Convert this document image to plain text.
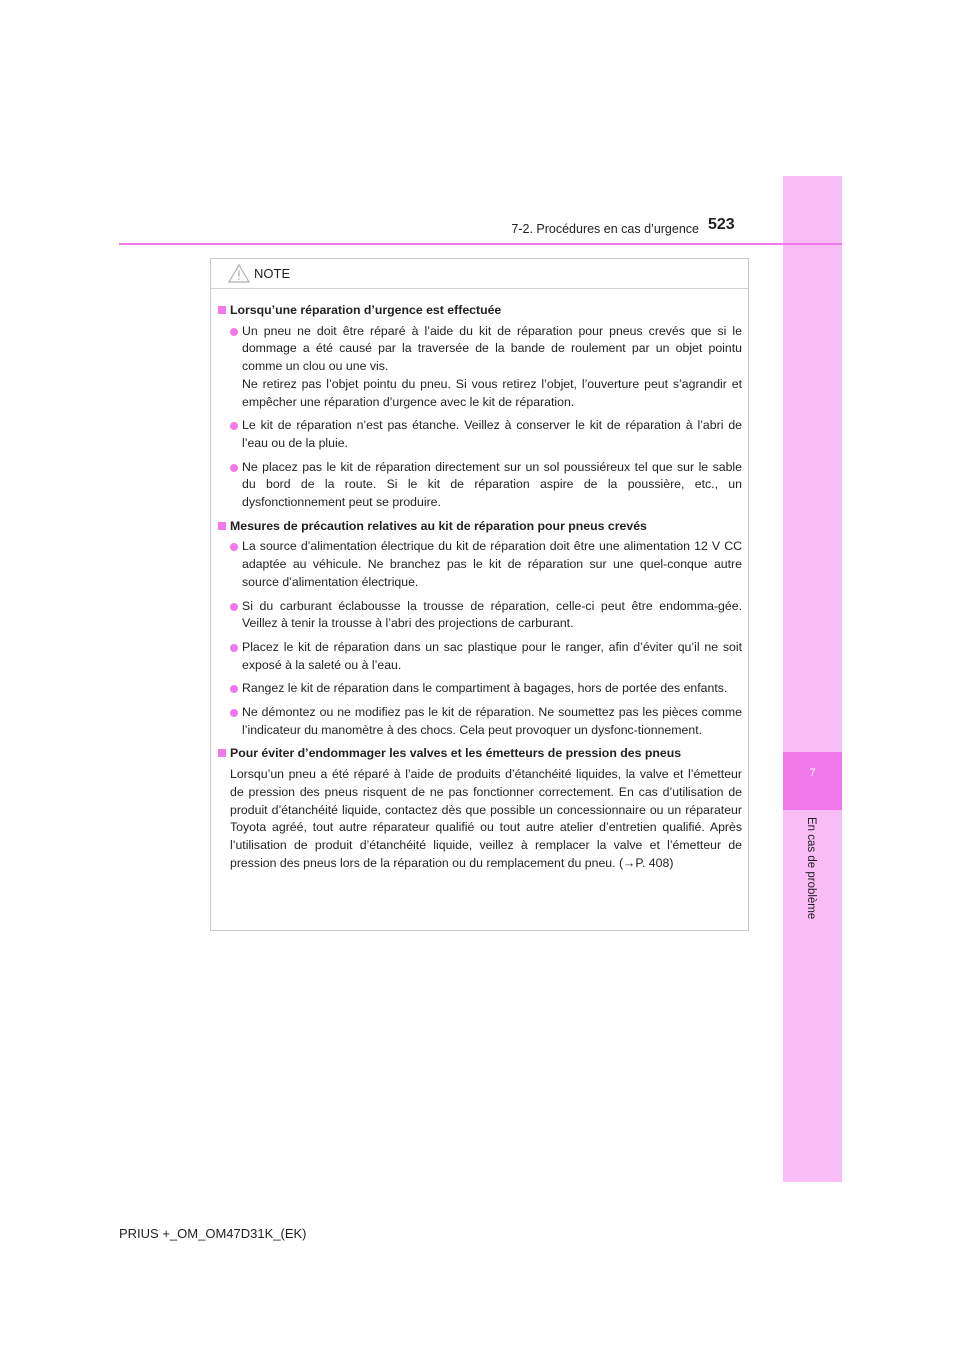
7
En cas de problème
7-2. Procédures en cas d’urgence 523
NOTE
Lorsqu’une réparation d’urgence est effectuée
Un pneu ne doit être réparé à l’aide du kit de réparation pour pneus crevés que si le dommage a été causé par la traversée de la bande de roulement par un objet pointu comme un clou ou une vis.
Ne retirez pas l’objet pointu du pneu. Si vous retirez l’objet, l’ouverture peut s’agrandir et empêcher une réparation d’urgence avec le kit de réparation.
Le kit de réparation n’est pas étanche. Veillez à conserver le kit de réparation à l’abri de l’eau ou de la pluie.
Ne placez pas le kit de réparation directement sur un sol poussiéreux tel que sur le sable du bord de la route. Si le kit de réparation aspire de la poussière, etc., un dysfonctionnement peut se produire.
Mesures de précaution relatives au kit de réparation pour pneus crevés
La source d’alimentation électrique du kit de réparation doit être une alimentation 12 V CC adaptée au véhicule. Ne branchez pas le kit de réparation sur une quel-conque autre source d’alimentation électrique.
Si du carburant éclabousse la trousse de réparation, celle-ci peut être endomma-gée. Veillez à tenir la trousse à l’abri des projections de carburant.
Placez le kit de réparation dans un sac plastique pour le ranger, afin d’éviter qu’il ne soit exposé à la saleté ou à l’eau.
Rangez le kit de réparation dans le compartiment à bagages, hors de portée des enfants.
Ne démontez ou ne modifiez pas le kit de réparation. Ne soumettez pas les pièces comme l’indicateur du manomètre à des chocs. Cela peut provoquer un dysfonc-tionnement.
Pour éviter d’endommager les valves et les émetteurs de pression des pneus
Lorsqu’un pneu a été réparé à l’aide de produits d’étanchéité liquides, la valve et l’émetteur de pression des pneus risquent de ne pas fonctionner correctement. En cas d’utilisation de produit d’étanchéité liquide, contactez dès que possible un concessionnaire ou un réparateur Toyota agréé, tout autre réparateur qualifié ou tout autre atelier d’entretien qualifié. Après l’utilisation de produit d’étanchéité liquide, veillez à remplacer la valve et l’émetteur de pression des pneus lors de la réparation ou du remplacement du pneu. (→P. 408)
PRIUS +_OM_OM47D31K_(EK)
